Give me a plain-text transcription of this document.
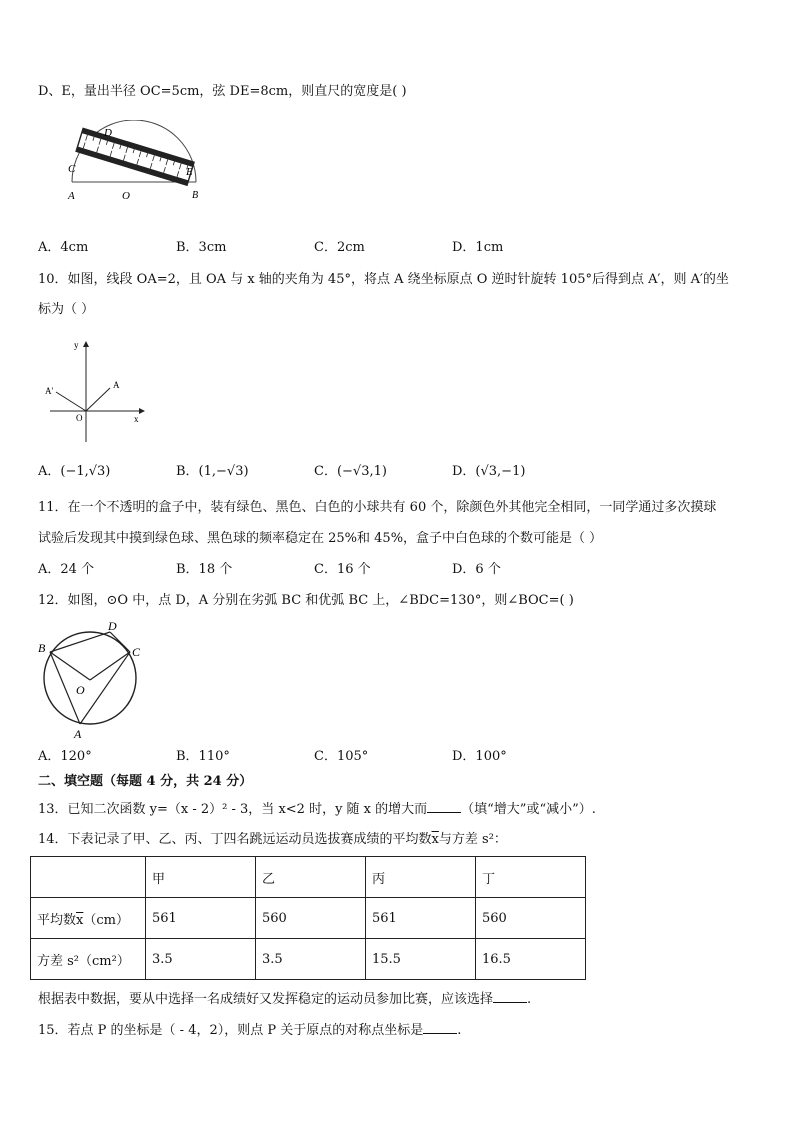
D、E，量出半径 OC=5cm，弦 DE=8cm，则直尺的宽度是( )
D
C
A	O
E
B
A．4cm	B．3cm	C．2cm	D．1cm
10．如图，线段 OA=2，且 OA 与 x 轴的夹角为 45°，将点 A 绕坐标原点 O 逆时针旋转 105°后得到点 A′，则 A′的坐
标为（ ）
y
x
O
A
A'
A．(−1,√3)	B．(1,−√3)	C．(−√3,1)	D．(√3,−1)
11．在一个不透明的盒子中，装有绿色、黑色、白色的小球共有 60 个，除颜色外其他完全相同，一同学通过多次摸球
试验后发现其中摸到绿色球、黑色球的频率稳定在 25%和 45%，盒子中白色球的个数可能是（ ）
A．24 个	B．18 个	C．16 个	D．6 个
12．如图，⊙O 中，点 D，A 分别在劣弧 BC 和优弧 BC 上，∠BDC=130°，则∠BOC=( )
B
D
C
O
A
A．120°	B．110°	C．105°	D．100°
二、填空题（每题 4 分，共 24 分）
13．已知二次函数 y=（x - 2）² - 3，当 x<2 时，y 随 x 的增大而	（填“增大”或“减小”）.
14．下表记录了甲、乙、丙、丁四名跳远运动员选拔赛成绩的平均数$\overline{x}$与方差 s²：
	甲	乙	丙	丁
平均数$\overline{x}(cm)$	561	560	561	560
方差 s²（cm²）	3.5	3.5	15.5	16.5
根据表中数据，要从中选择一名成绩好又发挥稳定的运动员参加比赛，应该选择	.
15．若点 P 的坐标是（ - 4，2），则点 P 关于原点的对称点坐标是	.
